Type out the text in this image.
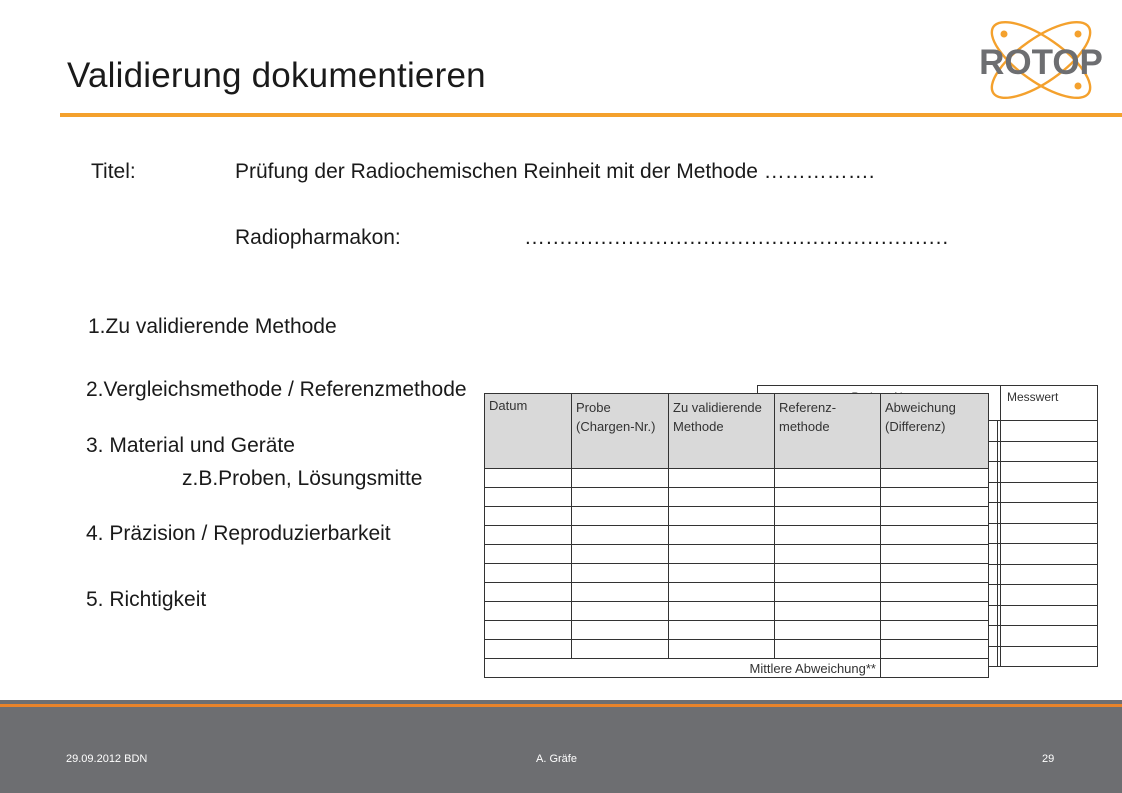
Validierung dokumentieren	ROTOP
Titel:	Prüfung der Radiochemischen Reinheit mit der Methode …………….
Radiopharmakon:	…...........................................................
1.Zu validierende Methode
2.Vergleichsmethode / Referenzmethode
3. Material und Geräte
z.B.Proben, Lösungsmitte
4. Präzision / Reproduzierbarkeit
5. Richtigkeit
	Messwert

Datum	Probe (Chargen-Nr.)	Zu validierende Methode	Referenz-methode	Abweichung (Differenz)

Mittlere Abweichung**				
29.09.2012 BDN	A. Gräfe	29
